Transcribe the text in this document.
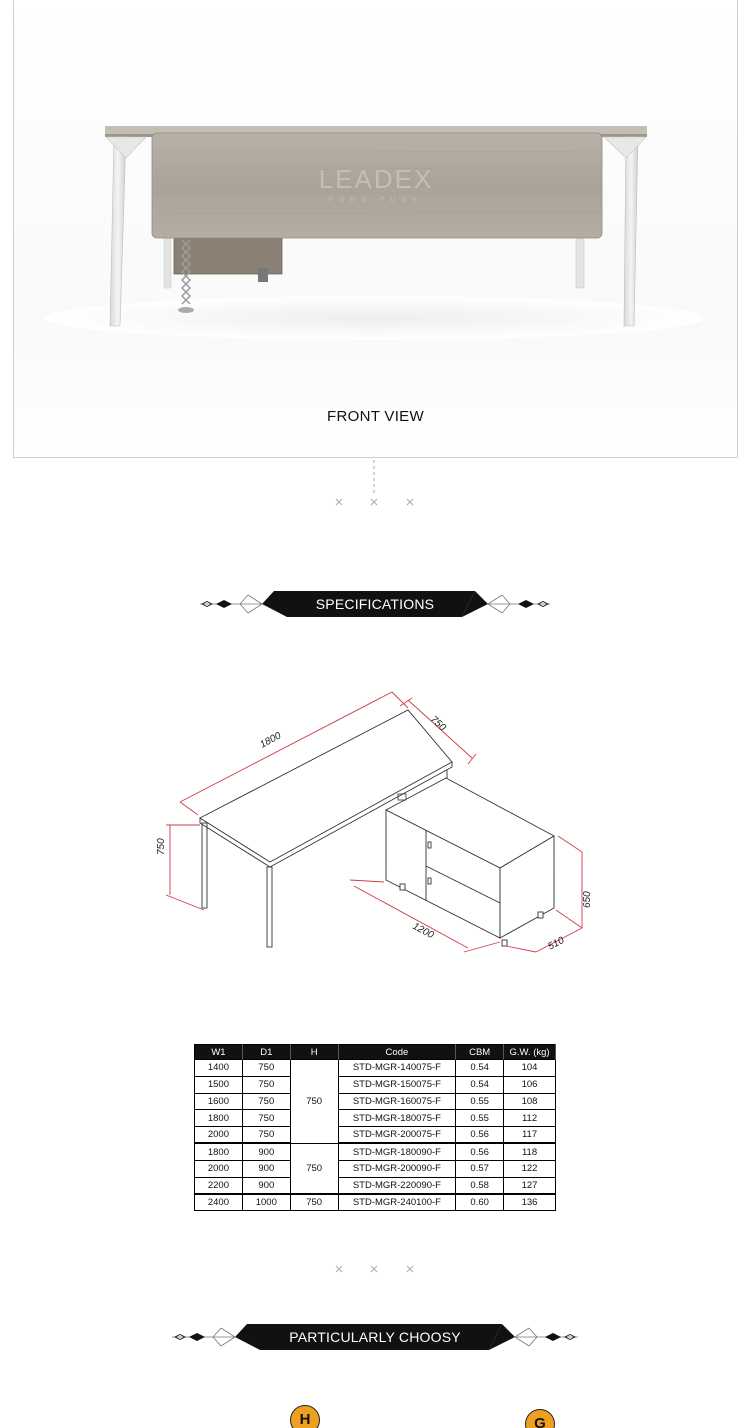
LEADEX
FURNITURE
FRONT VIEW
SPECIFICATIONS
1800
750
750
1200
510
650
W1	D1	H	Code	CBM	G.W. (kg)
1400	750	750	STD-MGR-140075-F	0.54	104
1500	750		STD-MGR-150075-F	0.54	106
1600	750		STD-MGR-160075-F	0.55	108
1800	750		STD-MGR-180075-F	0.55	112
2000	750		STD-MGR-200075-F	0.56	117
1800	900	750	STD-MGR-180090-F	0.56	118
2000	900		STD-MGR-200090-F	0.57	122
2200	900		STD-MGR-220090-F	0.58	127
2400	1000	750	STD-MGR-240100-F	0.60	136
PARTICULARLY CHOOSY
H	G
